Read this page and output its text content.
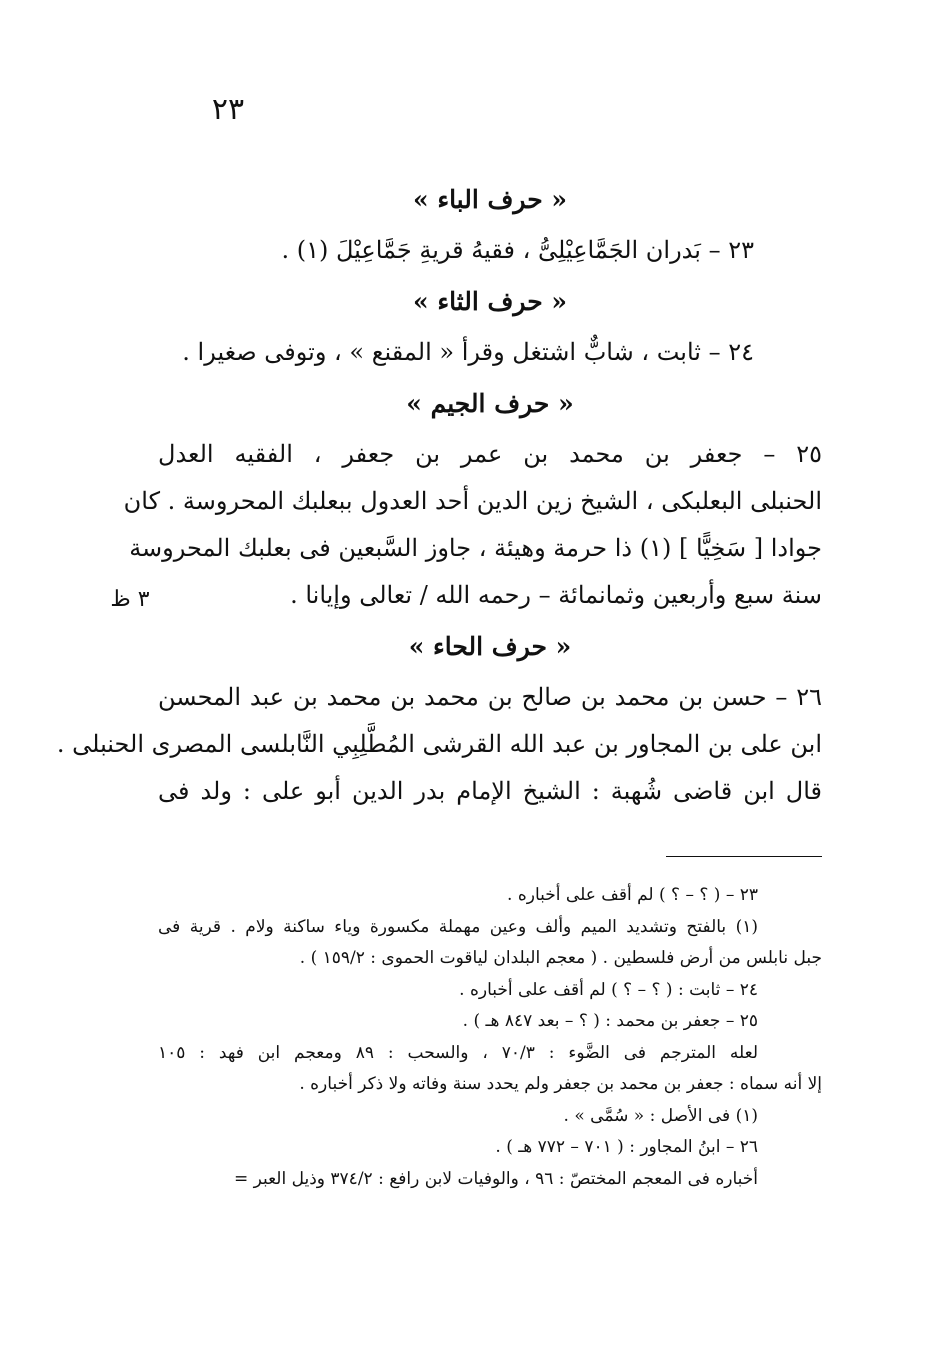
٢٣
« حرف الباء »
٢٣ – بَدران الجَمَّاعِيْلِىُّ ، فقيهُ قريةِ جَمَّاعِيْلَ (١) .
« حرف الثاء »
٢٤ – ثابت ، شابٌّ اشتغل وقرأ « المقنع » ، وتوفى صغيرا .
« حرف الجيم »
٢٥ – جعفر بن محمد بن عمر بن جعفر ، الفقيه العدل
الحنبلى البعلبكى ، الشيخ زين الدين أحد العدول ببعلبك المحروسة . كان
جوادا [ سَخِيًّا ] (١) ذا حرمة وهيئة ، جاوز السَّبعين فى بعلبك المحروسة
سنة سبع وأربعين وثمانمائة – رحمه الله / تعالى وإيانا .
« حرف الحاء »
٢٦ – حسن بن محمد بن صالح بن محمد بن محمد بن عبد المحسن
ابن على بن المجاور بن عبد الله القرشى المُطَّلِبِي النَّابلسى المصرى الحنبلى .
قال ابن قاضى شُهبة : الشيخ الإمام بدر الدين أبو على : ولد فى
٣ ظ
٢٣ – ( ؟ – ؟ ) لم أقف على أخباره .
(١) بالفتح وتشديد الميم وألف وعين مهملة مكسورة وياء ساكنة ولام . قرية فى
جبل نابلس من أرض فلسطين . ( معجم البلدان لياقوت الحموى : ١٥٩/٢ ) .
٢٤ – ثابت : ( ؟ – ؟ ) لم أقف على أخباره .
٢٥ – جعفر بن محمد : ( ؟ – بعد ٨٤٧ هـ ) .
لعله المترجم فى الضَّوء : ٧٠/٣ ، والسحب : ٨٩ ومعجم ابن فهد : ١٠٥
إلا أنه سماه : جعفر بن محمد بن جعفر ولم يحدد سنة وفاته ولا ذكر أخباره .
(١) فى الأصل : « سُمَّى » .
٢٦ – ابنُ المجاور : ( ٧٠١ – ٧٧٢ هـ ) .
أخباره فى المعجم المختصّ : ٩٦ ، والوفيات لابن رافع : ٣٧٤/٢ وذيل العبر =
